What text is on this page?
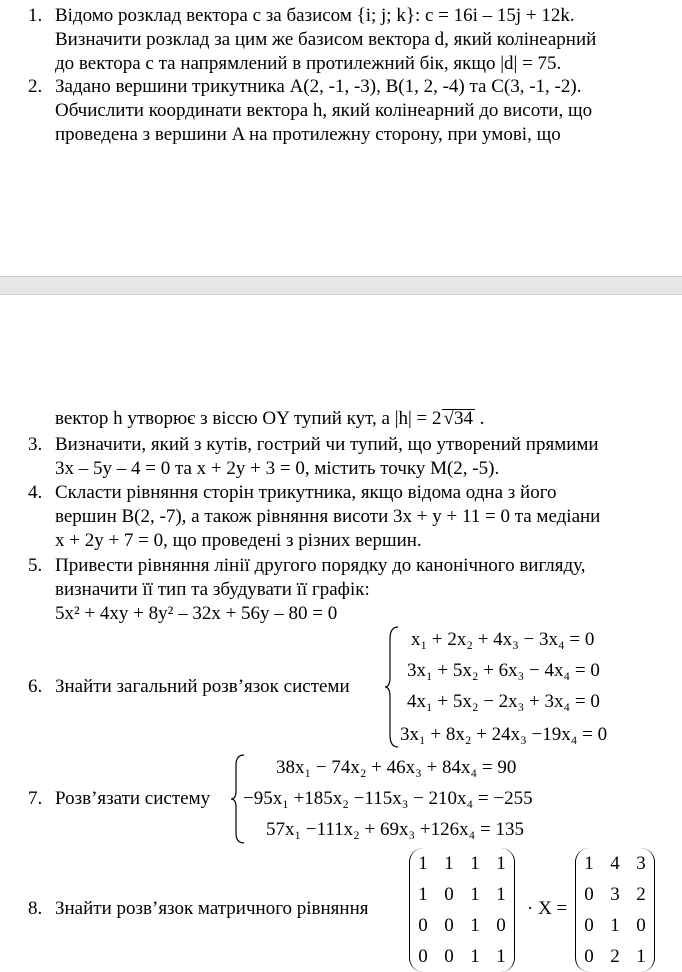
1. Відомо розклад вектора c за базисом {i; j; k}: c = 16i – 15j + 12k.
Визначити розклад за цим же базисом вектора d, який колінеарний
до вектора c та напрямлений в протилежний бік, якщо |d| = 75.
2. Задано вершини трикутника A(2, -1, -3), B(1, 2, -4) та C(3, -1, -2).
Обчислити координати вектора h, який колінеарний до висоти, що
проведена з вершини A на протилежну сторону, при умові, що
вектор h утворює з віссю OY тупий кут, а |h| = 2 √34 .
3. Визначити, який з кутів, гострий чи тупий, що утворений прямими
3x – 5y – 4 = 0 та x + 2y + 3 = 0, містить точку M(2, -5).
4. Скласти рівняння сторін трикутника, якщо відома одна з його
вершин B(2, -7), а також рівняння висоти 3x + y + 11 = 0 та медіани
x + 2y + 7 = 0, що проведені з різних вершин.
5. Привести рівняння лінії другого порядку до канонічного вигляду,
визначити її тип та збудувати її графік:
5x² + 4xy + 8y² – 32x + 56y – 80 = 0
6. Знайти загальний розв’язок системи
x₁ + 2x₂ + 4x₃ − 3x₄ = 0
3x₁ + 5x₂ + 6x₃ − 4x₄ = 0
4x₁ + 5x₂ − 2x₃ + 3x₄ = 0
3x₁ + 8x₂ + 24x₃ −19x₄ = 0
7. Розв’язати систему
38x₁ − 74x₂ + 46x₃ + 84x₄ = 90
−95x₁ +185x₂ −115x₃ − 210x₄ = −255
57x₁ −111x₂ + 69x₃ +126x₄ = 135
8. Знайти розв’язок матричного рівняння
1	1	1	1
1	0	1	1
0	0	1	0
0	0	1	1
· X =
1	4	3
0	3	2
0	1	0
0	2	1
